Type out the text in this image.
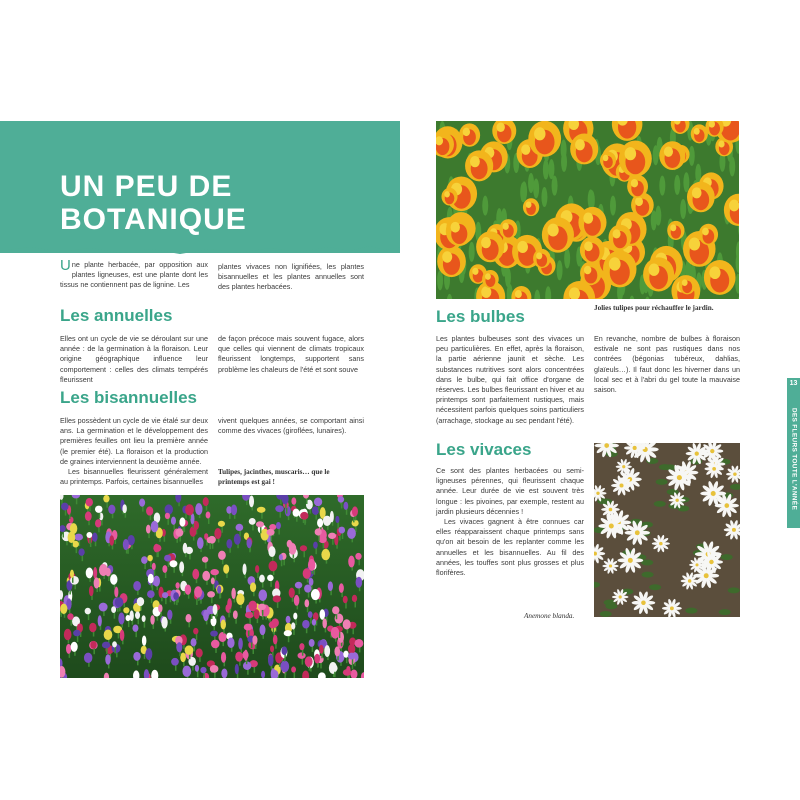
UN PEU DE
BOTANIQUE
Une plante herbacée, par opposition aux plantes ligneuses, est une plante dont les tissus ne contiennent pas de lignine. Les
plantes vivaces non lignifiées, les plantes bisannuelles et les plantes annuelles sont des plantes herbacées.
Les annuelles
Elles ont un cycle de vie se déroulant sur une année : de la germination à la floraison. Leur origine géographique influence leur comportement : celles des climats tempérés fleurissent
de façon précoce mais souvent fugace, alors que celles qui viennent de climats tropicaux fleurissent longtemps, supportent sans problème les chaleurs de l'été et sont souve
Les bisannuelles
Elles possèdent un cycle de vie étalé sur deux ans. La germination et le développement des premières feuilles ont lieu la première année (le premier été). La floraison et la production de graines interviennent la deuxième année.
Les bisannuelles fleurissent généralement au printemps. Parfois, certaines bisannuelles
vivent quelques années, se comportant ainsi comme des vivaces (giroflées, lunaires).
Tulipes, jacinthes, muscaris… que le printemps est gai !
Jolies tulipes pour réchauffer le jardin.
Les bulbes
Les plantes bulbeuses sont des vivaces un peu particulières. En effet, après la floraison, la partie aérienne jaunit et sèche. Les substances nutritives sont alors concentrées dans le bulbe, qui fait office d'organe de réserves. Les bulbes fleurissant en hiver et au printemps sont parfaitement rustiques, mais nécessitent parfois quelques soins particuliers (arrachage, stockage au sec pendant l'été).
En revanche, nombre de bulbes à floraison estivale ne sont pas rustiques dans nos contrées (bégonias tubéreux, dahlias, glaïeuls…). Il faut donc les hiverner dans un local sec et à l'abri du gel toute la mauvaise saison.
Les vivaces
Ce sont des plantes herbacées ou semi-ligneuses pérennes, qui fleurissent chaque année. Leur durée de vie est souvent très longue : les pivoines, par exemple, restent au jardin plusieurs décennies !
Les vivaces gagnent à être connues car elles réapparaissent chaque printemps sans qu'on ait besoin de les replanter comme les annuelles et les bisannuelles. Au fil des années, les touffes sont plus grosses et plus florifères.
Anemone blanda.
13
DES FLEURS TOUTE L'ANNÉE
